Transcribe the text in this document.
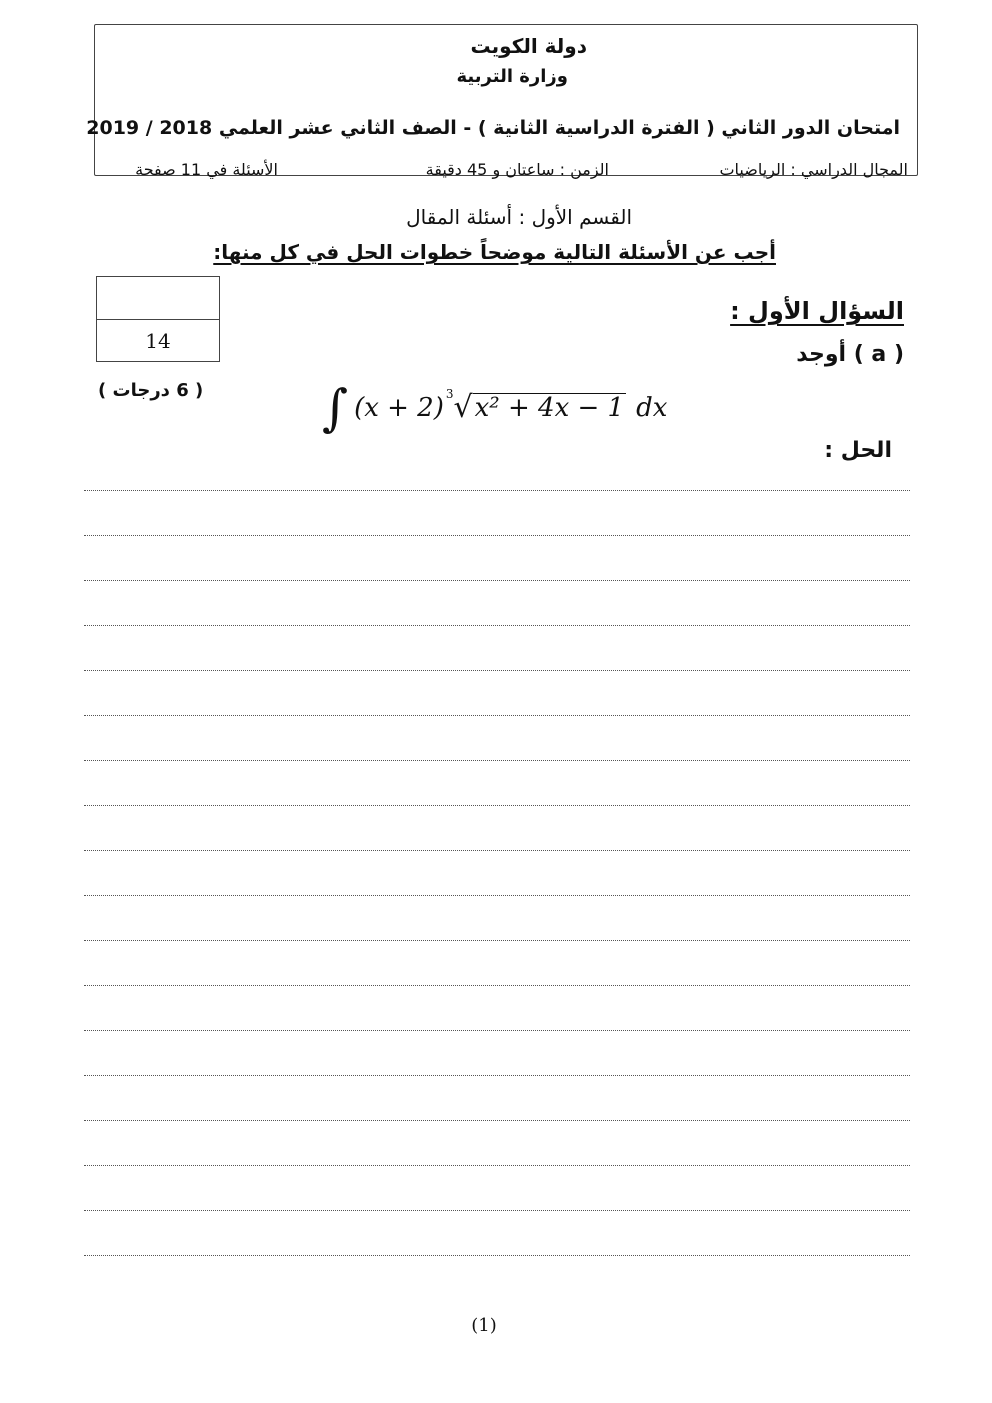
دولة الكويت
وزارة التربية
امتحان الدور الثاني ( الفترة الدراسية الثانية ) - الصف الثاني عشر العلمي 2018 / 2019
المجال الدراسي : الرياضيات
الزمن : ساعتان و 45 دقيقة
الأسئلة في 11 صفحة
القسم الأول : أسئلة المقال
أجب عن الأسئلة التالية موضحاً خطوات الحل في كل منها:
14
السؤال الأول :
( a ) أوجد
( 6 درجات ) ∫ (x + 2) 3 √ x² + 4x − 1 dx
الحل :
(1)
